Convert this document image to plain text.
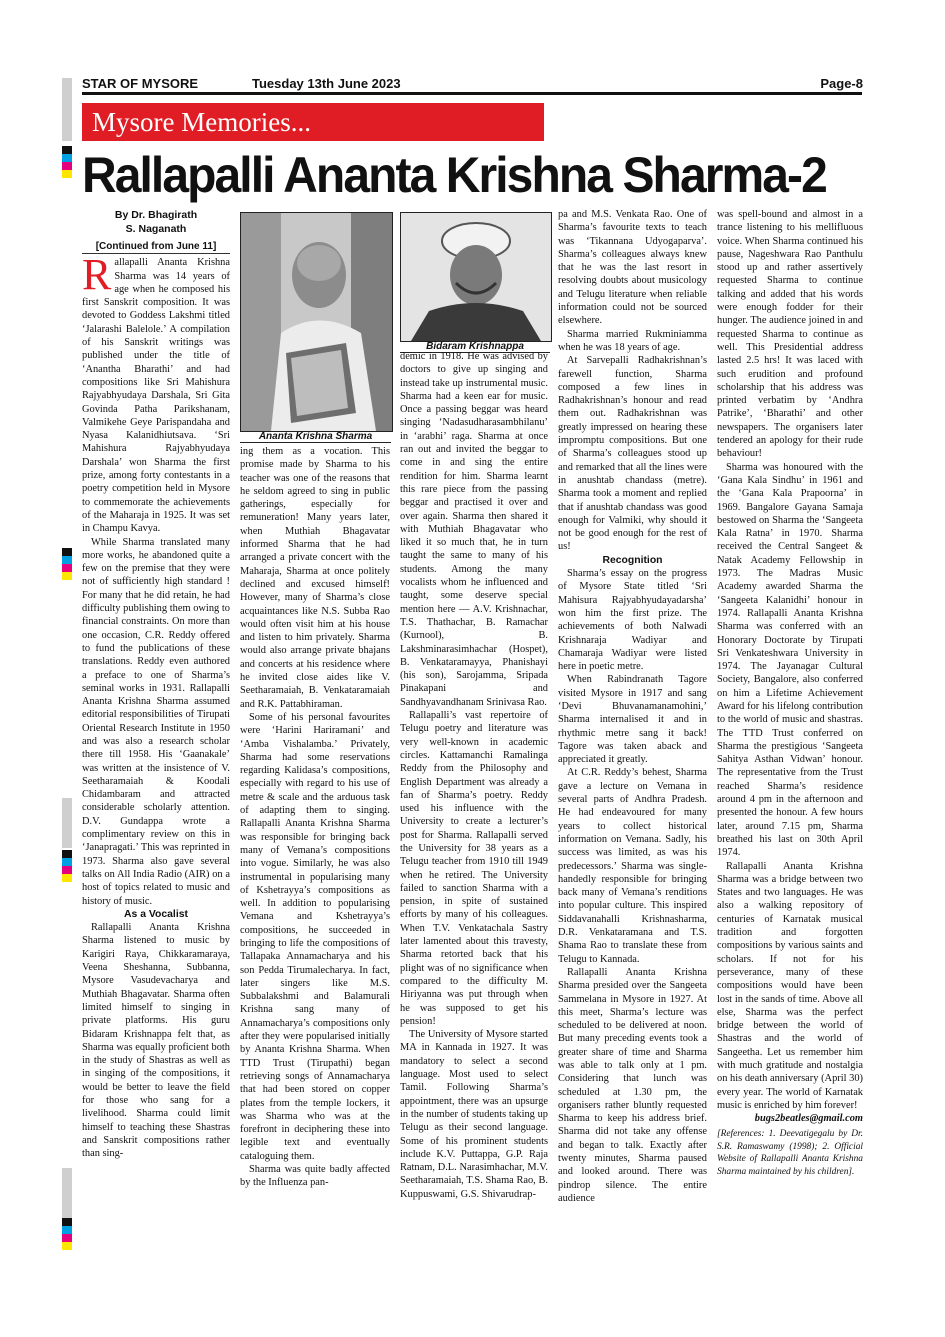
STAR OF MYSORE	Tuesday 13th June 2023	Page-8
Mysore Memories...
Rallapalli Ananta Krishna Sharma-2
By Dr. Bhagirath
S. Naganath
[Continued from June 11]

Rallapalli Ananta Krishna Sharma was 14 years of age when he composed his first Sanskrit composition. It was devoted to Goddess Lakshmi titled ‘Jalarashi Balelole.’ A compilation of his Sanskrit writings was published under the title of ‘Anantha Bharathi’ and had compositions like Sri Mahishura Rajyabhyudaya Darshala, Sri Gita Govinda Patha Parikshanam, Valmikehe Geye Parispandaha and Nyasa Kalanidhiutsava. ‘Sri Mahishura Rajyabhyudaya Darshala’ won Sharma the first prize, among forty contestants in a poetry competition held in Mysore to commemorate the achievements of the Maharaja in 1925. It was set in Champu Kavya.

While Sharma translated many more works, he abandoned quite a few on the premise that they were not of sufficiently high standard ! For many that he did retain, he had difficulty publishing them owing to financial constraints. On more than one occasion, C.R. Reddy offered to fund the publications of these translations. Reddy even authored a preface to one of Sharma’s seminal works in 1931. Rallapalli Ananta Krishna Sharma assumed editorial responsibilities of Tirupati Oriental Research Institute in 1950 and was also a research scholar there till 1958. His ‘Gaanakale’ was written at the insistence of V. Seetharamaiah & Koodali Chidambaram and attracted considerable scholarly attention. D.V. Gundappa wrote a complimentary review on this in ‘Janapragati.’ This was reprinted in 1973. Sharma also gave several talks on All India Radio (AIR) on a host of topics related to music and history of music.

As a Vocalist

Rallapalli Ananta Krishna Sharma listened to music by Karigiri Raya, Chikkaramaraya, Veena Sheshanna, Subbanna, Mysore Vasudevacharya and Muthiah Bhagavatar. Sharma often limited himself to singing in private platforms. His guru Bidaram Krishnappa felt that, as Sharma was equally proficient both in the study of Shastras as well as in singing of the compositions, it would be better to leave the field for those who sang for a livelihood. Sharma could limit himself to teaching these Shastras and Sanskrit compositions rather than sing-

Ananta Krishna Sharma

ing them as a vocation. This promise made by Sharma to his teacher was one of the reasons that he seldom agreed to sing in public gatherings, especially for remuneration! Many years later, when Muthiah Bhagavatar informed Sharma that he had arranged a private concert with the Maharaja, Sharma at once politely declined and excused himself! However, many of Sharma’s close acquaintances like N.S. Subba Rao would often visit him at his house and listen to him privately. Sharma would also arrange private bhajans and concerts at his residence where he invited close aides like V. Seetharamaiah, B. Venkataramaiah and R.K. Pattabhiraman.

Some of his personal favourites were ‘Harini Hariramani’ and ‘Amba Vishalamba.’ Privately, Sharma had some reservations regarding Kalidasa’s compositions, especially with regard to his use of metre & scale and the arduous task of adapting them to singing. Rallapalli Ananta Krishna Sharma was responsible for bringing back many of Vemana’s compositions into vogue. Similarly, he was also instrumental in popularising many of Kshetrayya’s compositions as well. In addition to popularising Vemana and Kshetrayya’s compositions, he succeeded in bringing to life the compositions of Tallapaka Annamacharya and his son Pedda Tirumalecharya. In fact, later singers like M.S. Subbalakshmi and Balamurali Krishna sang many of Annamacharya’s compositions only after they were popularised initially by Ananta Krishna Sharma. When TTD Trust (Tirupathi) began retrieving songs of Annamacharya that had been stored on copper plates from the temple lockers, it was Sharma who was at the forefront in deciphering these into legible text and eventually cataloguing them.

Sharma was quite badly affected by the Influenza pan-

Bidaram Krishnappa

demic in 1918. He was advised by doctors to give up singing and instead take up instrumental music. Sharma had a keen ear for music. Once a passing beggar was heard singing ‘Nadasudharasambhilanu’ in ‘arabhi’ raga. Sharma at once ran out and invited the beggar to come in and sing the entire rendition for him. Sharma learnt this rare piece from the passing beggar and practised it over and over again. Sharma then shared it with Muthiah Bhagavatar who liked it so much that, he in turn taught the same to many of his students. Among the many vocalists whom he influenced and taught, some deserve special mention here — A.V. Krishnachar, T.S. Thathachar, B. Ramachar (Kurnool), B. Lakshminarasimhachar (Hospet), B. Venkataramayya, Phanishayi (his son), Sarojamma, Sripada Pinakapani and Sandhyavandhanam Srinivasa Rao.

Rallapalli’s vast repertoire of Telugu poetry and literature was very well-known in academic circles. Kattamanchi Ramalinga Reddy from the Philosophy and English Department was already a fan of Sharma’s poetry. Reddy used his influence with the University to create a lecturer’s post for Sharma. Rallapalli served the University for 38 years as a Telugu teacher from 1910 till 1949 when he retired. The University failed to sanction Sharma with a pension, in spite of sustained efforts by many of his colleagues. When T.V. Venkatachala Sastry later lamented about this travesty, Sharma retorted back that his plight was of no significance when compared to the difficulty M. Hiriyanna was put through when he was supposed to get his pension!

The University of Mysore started MA in Kannada in 1927. It was mandatory to select a second language. Most used to select Tamil. Following Sharma’s appointment, there was an upsurge in the number of students taking up Telugu as their second language. Some of his prominent students include K.V. Puttappa, G.P. Raja Ratnam, D.L. Narasimhachar, M.V. Seetharamaiah, T.S. Shama Rao, B. Kuppuswami, G.S. Shivarudrap-

pa and M.S. Venkata Rao. One of Sharma’s favourite texts to teach was ‘Tikannana Udyogaparva’. Sharma’s colleagues always knew that he was the last resort in resolving doubts about musicology and Telugu literature when reliable information could not be sourced elsewhere.

Sharma married Rukminiamma when he was 18 years of age.

At Sarvepalli Radhakrishnan’s farewell function, Sharma composed a few lines in Radhakrishnan’s honour and read them out. Radhakrishnan was greatly impressed on hearing these impromptu compositions. But one of Sharma’s colleagues stood up and remarked that all the lines were in anushtab chandass (metre). Sharma took a moment and replied that if anushtab chandass was good enough for Valmiki, why should it not be good enough for the rest of us!

Recognition

Sharma’s essay on the progress of Mysore State titled ‘Sri Mahisura Rajyabhyudayadarsha’ won him the first prize. The achievements of both Nalwadi Krishnaraja Wadiyar and Chamaraja Wadiyar were listed here in poetic metre.

When Rabindranath Tagore visited Mysore in 1917 and sang ‘Devi Bhuvanamanamohini,’ Sharma internalised it and in rhythmic metre sang it back! Tagore was taken aback and appreciated it greatly.

At C.R. Reddy’s behest, Sharma gave a lecture on Vemana in several parts of Andhra Pradesh. He had endeavoured for many years to collect historical information on Vemana. Sadly, his success was limited, as was his predecessors.’ Sharma was single-handedly responsible for bringing back many of Vemana’s renditions into popular culture. This inspired Siddavanahalli Krishnasharma, D.R. Venkataramana and T.S. Shama Rao to translate these from Telugu to Kannada.

Rallapalli Ananta Krishna Sharma presided over the Sangeeta Sammelana in Mysore in 1927. At this meet, Sharma’s lecture was scheduled to be delivered at noon. But many preceding events took a greater share of time and Sharma was able to talk only at 1 pm. Considering that lunch was scheduled at 1.30 pm, the organisers rather bluntly requested Sharma to keep his address brief. Sharma did not take any offense and began to talk. Exactly after twenty minutes, Sharma paused and looked around. There was pindrop silence. The entire audience

was spell-bound and almost in a trance listening to his mellifluous voice. When Sharma continued his pause, Nageshwara Rao Panthulu stood up and rather assertively requested Sharma to continue talking and added that his words were enough fodder for their hunger. The audience joined in and requested Sharma to continue as well. This Presidential address lasted 2.5 hrs! It was laced with such erudition and profound scholarship that his address was printed verbatim by ‘Andhra Patrike’, ‘Bharathi’ and other newspapers. The organisers later tendered an apology for their rude behaviour!

Sharma was honoured with the ‘Gana Kala Sindhu’ in 1961 and the ‘Gana Kala Prapoorna’ in 1969. Bangalore Gayana Samaja bestowed on Sharma the ‘Sangeeta Kala Ratna’ in 1970. Sharma received the Central Sangeet & Natak Academy Fellowship in 1973. The Madras Music Academy awarded Sharma the ‘Sangeeta Kalanidhi’ honour in 1974. Rallapalli Ananta Krishna Sharma was conferred with an Honorary Doctorate by Tirupati Sri Venkateshwara University in 1974. The Jayanagar Cultural Society, Bangalore, also conferred on him a Lifetime Achievement Award for his lifelong contribution to the world of music and shastras. The TTD Trust conferred on Sharma the prestigious ‘Sangeeta Sahitya Asthan Vidwan’ honour. The representative from the Trust reached Sharma’s residence around 4 pm in the afternoon and presented the honour. A few hours later, around 7.15 pm, Sharma breathed his last on 30th April 1974.

Rallapalli Ananta Krishna Sharma was a bridge between two States and two languages. He was also a walking repository of centuries of Karnatak musical tradition and forgotten compositions by various saints and scholars. If not for his perseverance, many of these compositions would have been lost in the sands of time. Above all else, Sharma was the perfect bridge between the world of Shastras and the world of Sangeetha. Let us remember him with much gratitude and nostalgia on his death anniversary (April 30) every year. The world of Karnatak music is enriched by him forever!

bugs2beatles@gmail.com
[References: 1. Deevatigegalu by Dr. S.R. Ramaswamy (1998); 2. Official Website of Rallapalli Ananta Krishna Sharma maintained by his children].
